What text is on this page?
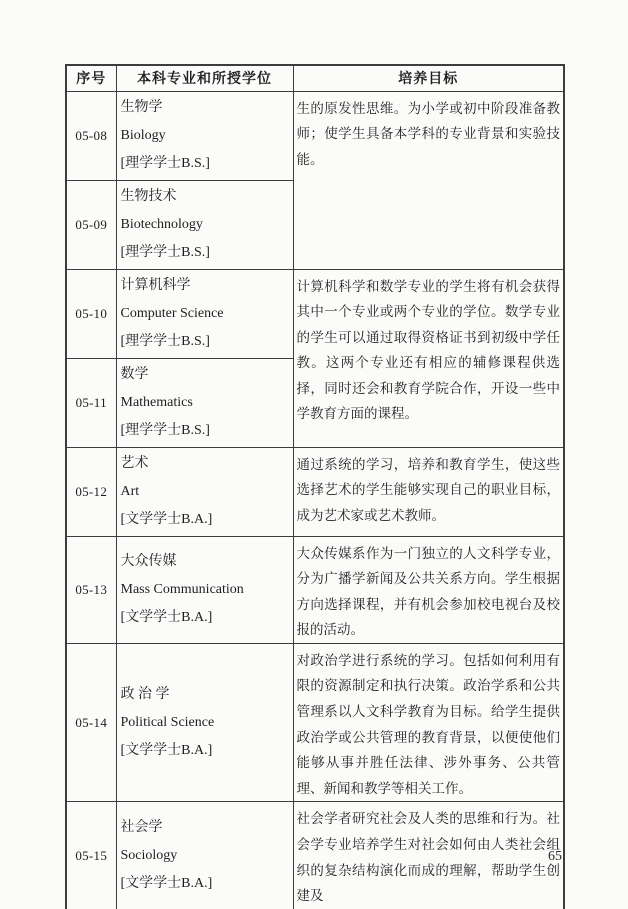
序号	本科专业和所授学位	培养目标
05-08	生物学
Biology
[理学学士B.S.]	生的原发性思维。为小学或初中阶段准备教师；使学生具备本学科的专业背景和实验技能。
05-09	生物技术
Biotechnology
[理学学士B.S.]	

05-10	计算机科学
Computer Science
[理学学士B.S.]	计算机科学和数学专业的学生将有机会获得其中一个专业或两个专业的学位。数学专业的学生可以通过取得资格证书到初级中学任教。这两个专业还有相应的辅修课程供选择，同时还会和教育学院合作，开设一些中学教育方面的课程。
05-11	数学
Mathematics
[理学学士B.S.]	

05-12	艺术
Art
[文学学士B.A.]	通过系统的学习，培养和教育学生，使这些选择艺术的学生能够实现自己的职业目标，成为艺术家或艺术教师。
05-13	大众传媒
Mass Communication
[文学学士B.A.]	大众传媒系作为一门独立的人文科学专业，分为广播学新闻及公共关系方向。学生根据方向选择课程，并有机会参加校电视台及校报的活动。
05-14	政 治 学
Political Science
[文学学士B.A.]	对政治学进行系统的学习。包括如何利用有限的资源制定和执行决策。政治学系和公共管理系以人文科学教育为目标。给学生提供政治学或公共管理的教育背景，以便使他们能够从事并胜任法律、涉外事务、公共管理、新闻和教学等相关工作。
05-15	社会学
Sociology
[文学学士B.A.]	社会学者研究社会及人类的思维和行为。社会学专业培养学生对社会如何由人类社会组织的复杂结构演化而成的理解，帮助学生创建及
65
